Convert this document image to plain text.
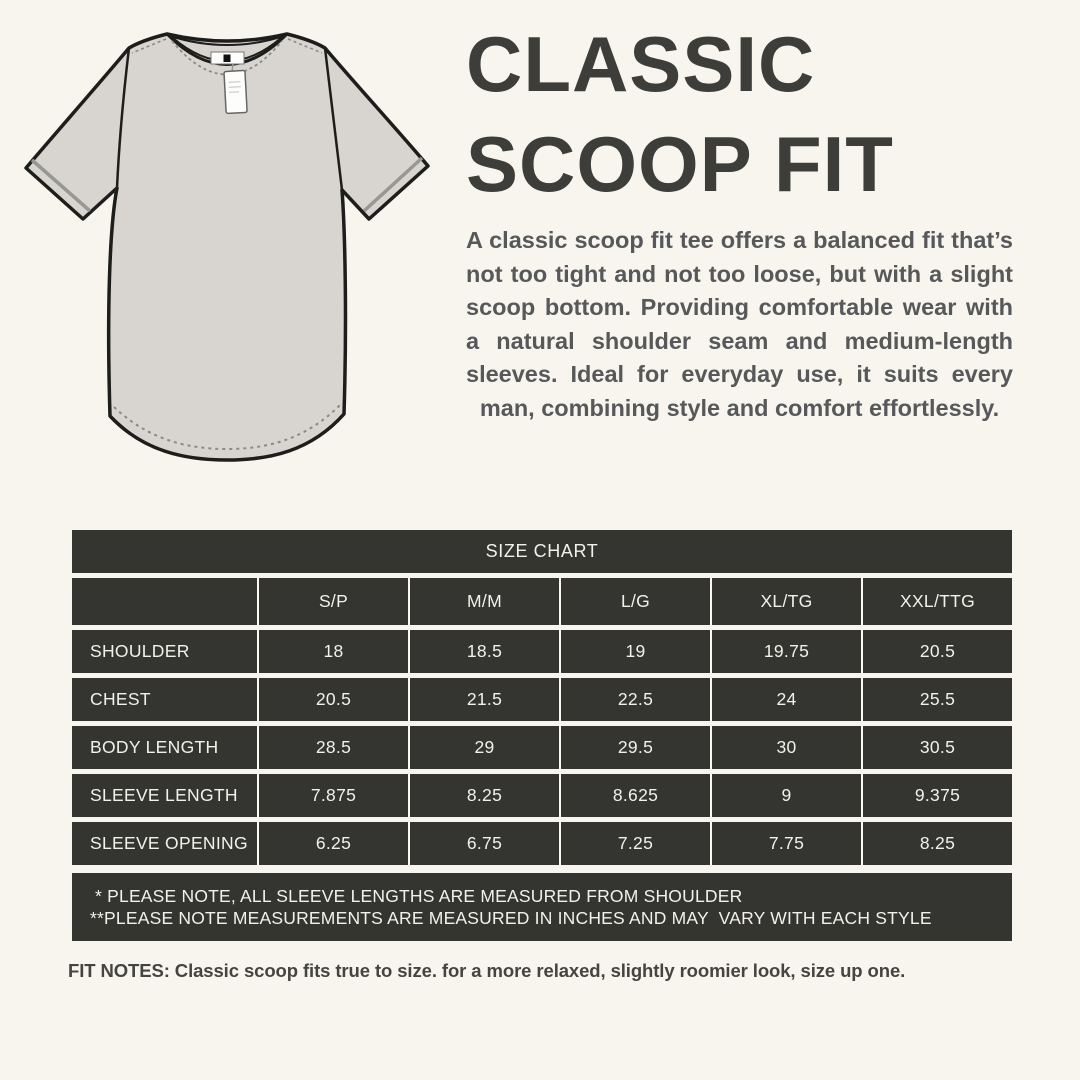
CLASSIC
SCOOP FIT
A classic scoop fit tee offers a balanced fit that’s not too tight and not too loose, but with a slight scoop bottom. Providing comfortable wear with a natural shoulder seam and medium-length sleeves. Ideal for everyday use, it suits every man, combining style and comfort effortlessly.
SIZE CHART
S/P	M/M	L/G	XL/TG	XXL/TTG
SHOULDER	18	18.5	19	19.75	20.5
CHEST	20.5	21.5	22.5	24	25.5
BODY LENGTH	28.5	29	29.5	30	30.5
SLEEVE LENGTH	7.875	8.25	8.625	9	9.375
SLEEVE OPENING	6.25	6.75	7.25	7.75	8.25
* PLEASE NOTE, ALL SLEEVE LENGTHS ARE MEASURED FROM SHOULDER
**PLEASE NOTE MEASUREMENTS ARE MEASURED IN INCHES AND MAY  VARY WITH EACH STYLE
FIT NOTES: Classic scoop fits true to size. for a more relaxed, slightly roomier look, size up one.
